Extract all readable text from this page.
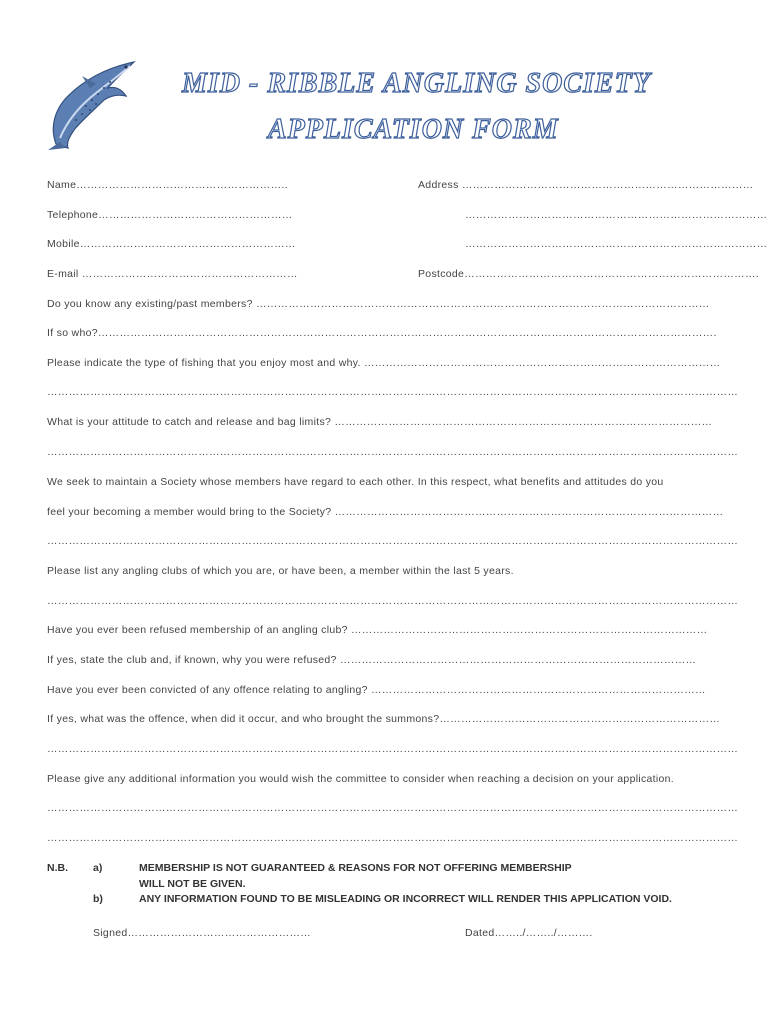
MID - RIBBLE ANGLING SOCIETY
APPLICATION FORM
Name…………………………………………………..	Address ………………………………………………………………………
Telephone………………………………………………	…………………………………………………………………………
Mobile……………………………………………………	…………………………………………………………………………
E-mail ……………………………………………………	Postcode……………………………………………………………………….
Do you know any existing/past members? ………………………………………………………………………………………………………………
If so who?……………………………………………………………………………………………………………………………………………………….
Please indicate the type of fishing that you enjoy most and why. ………………………………………………………………………………………
…………………………………………………………………………………………………………………………………………………………………………
What is your attitude to catch and release and bag limits? ……………………………………………………………………………………………
…………………………………………………………………………………………………………………………………………………………………………
We seek to maintain a Society whose members have regard to each other. In this respect, what benefits and attitudes do you
feel your becoming a member would bring to the Society? ………………………………………………………………………………………………
…………………………………………………………………………………………………………………………………………………………………………
Please list any angling clubs of which you are, or have been, a member within the last 5 years.
…………………………………………………………………………………………………………………………………………………………………………
Have you ever been refused membership of an angling club? ………………………………………………………………………………………
If yes, state the club and, if known, why you were refused? ………………………………………………………………………………………
Have you ever been convicted of any offence relating to angling? …………………………………………………………………………………
If yes, what was the offence, when did it occur, and who brought the summons?……………………………………………………………………
…………………………………………………………………………………………………………………………………………………………………………
Please give any additional information you would wish the committee to consider when reaching a decision on your application.
…………………………………………………………………………………………………………………………………………………………………………
…………………………………………………………………………………………………………………………………………………………………………
N.B. a)	MEMBERSHIP IS NOT GUARANTEED & REASONS FOR NOT OFFERING MEMBERSHIP
WILL NOT BE GIVEN.
b)	ANY INFORMATION FOUND TO BE MISLEADING OR INCORRECT WILL RENDER THIS APPLICATION VOID.
Signed……………………………………………	Dated……../……../……….
